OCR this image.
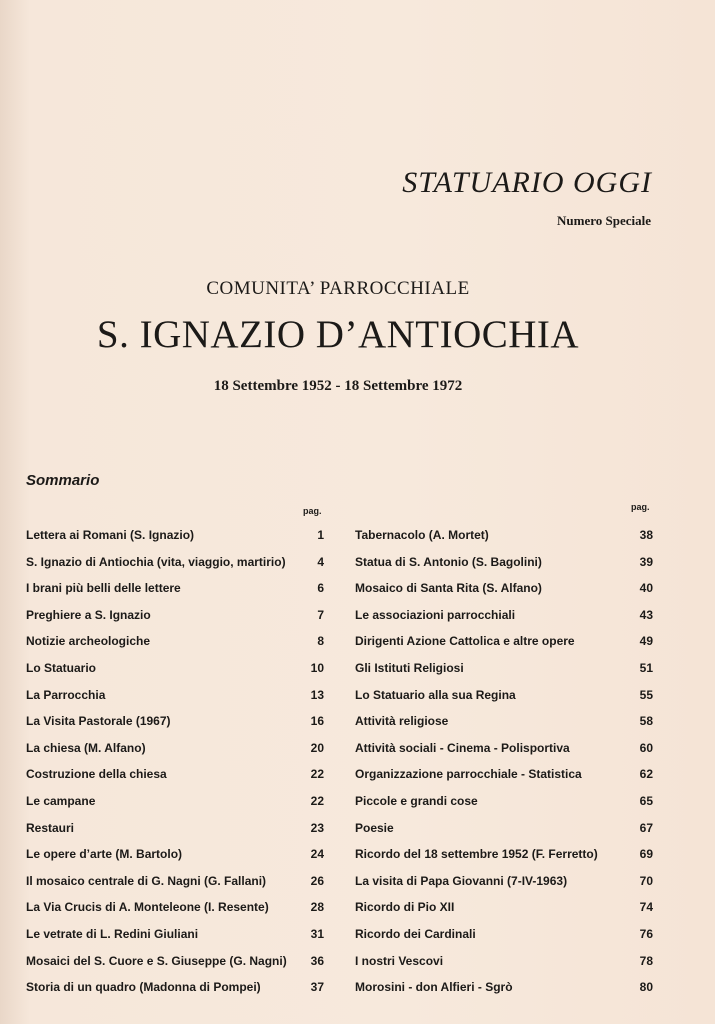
STATUARIO OGGI
Numero Speciale
COMUNITA’ PARROCCHIALE
S. IGNAZIO D’ANTIOCHIA
18 Settembre 1952 - 18 Settembre 1972
Sommario
pag.	pag.
Lettera ai Romani (S. Ignazio)	1
S. Ignazio di Antiochia (vita, viaggio, martirio)	4
I brani più belli delle lettere	6
Preghiere a S. Ignazio	7
Notizie archeologiche	8
Lo Statuario	10
La Parrocchia	13
La Visita Pastorale (1967)	16
La chiesa (M. Alfano)	20
Costruzione della chiesa	22
Le campane	22
Restauri	23
Le opere d’arte (M. Bartolo)	24
Il mosaico centrale di G. Nagni (G. Fallani)	26
La Via Crucis di A. Monteleone (I. Resente)	28
Le vetrate di L. Redini Giuliani	31
Mosaici del S. Cuore e S. Giuseppe (G. Nagni)	36
Storia di un quadro (Madonna di Pompei)	37
Tabernacolo (A. Mortet)	38
Statua di S. Antonio (S. Bagolini)	39
Mosaico di Santa Rita (S. Alfano)	40
Le associazioni parrocchiali	43
Dirigenti Azione Cattolica e altre opere	49
Gli Istituti Religiosi	51
Lo Statuario alla sua Regina	55
Attività religiose	58
Attività sociali - Cinema - Polisportiva	60
Organizzazione parrocchiale - Statistica	62
Piccole e grandi cose	65
Poesie	67
Ricordo del 18 settembre 1952 (F. Ferretto)	69
La visita di Papa Giovanni (7-IV-1963)	70
Ricordo di Pio XII	74
Ricordo dei Cardinali	76
I nostri Vescovi	78
Morosini - don Alfieri - Sgrò	80
